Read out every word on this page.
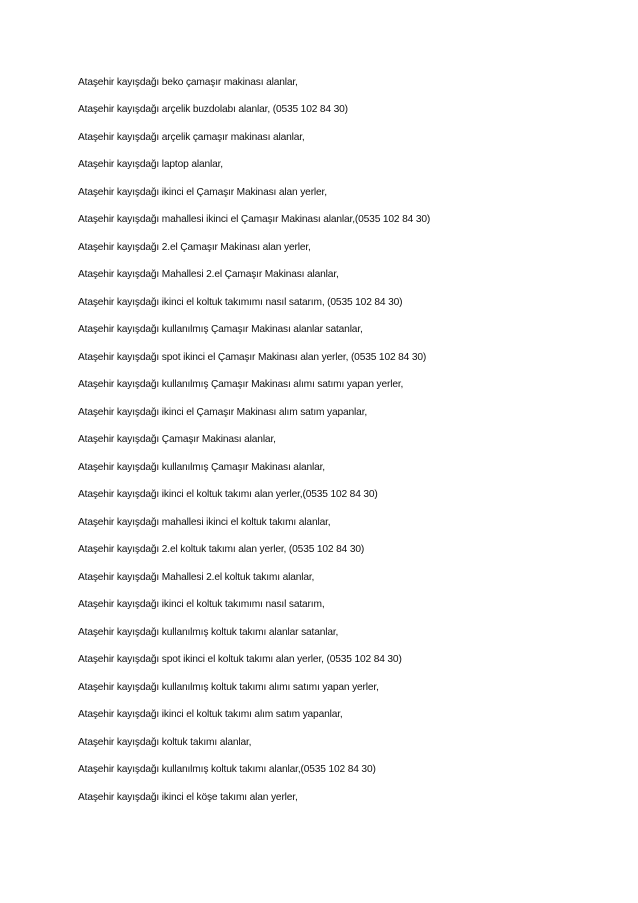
Ataşehir kayışdağı beko çamaşır makinası alanlar,
Ataşehir kayışdağı arçelik buzdolabı alanlar, (0535 102 84 30)
Ataşehir kayışdağı arçelik çamaşır makinası alanlar,
Ataşehir kayışdağı laptop alanlar,
Ataşehir kayışdağı ikinci el Çamaşır Makinası alan yerler,
Ataşehir kayışdağı mahallesi ikinci el Çamaşır Makinası alanlar,(0535 102 84 30)
Ataşehir kayışdağı 2.el Çamaşır Makinası alan yerler,
Ataşehir kayışdağı Mahallesi 2.el Çamaşır Makinası alanlar,
Ataşehir kayışdağı ikinci el koltuk takımımı nasıl satarım, (0535 102 84 30)
Ataşehir kayışdağı kullanılmış Çamaşır Makinası alanlar satanlar,
Ataşehir kayışdağı spot ikinci el Çamaşır Makinası alan yerler, (0535 102 84 30)
Ataşehir kayışdağı kullanılmış Çamaşır Makinası alımı satımı yapan yerler,
Ataşehir kayışdağı ikinci el Çamaşır Makinası alım satım yapanlar,
Ataşehir kayışdağı Çamaşır Makinası alanlar,
Ataşehir kayışdağı kullanılmış Çamaşır Makinası alanlar,
Ataşehir kayışdağı ikinci el koltuk takımı alan yerler,(0535 102 84 30)
Ataşehir kayışdağı mahallesi ikinci el koltuk takımı alanlar,
Ataşehir kayışdağı 2.el koltuk takımı alan yerler, (0535 102 84 30)
Ataşehir kayışdağı Mahallesi 2.el koltuk takımı alanlar,
Ataşehir kayışdağı ikinci el koltuk takımımı nasıl satarım,
Ataşehir kayışdağı kullanılmış koltuk takımı alanlar satanlar,
Ataşehir kayışdağı spot ikinci el koltuk takımı alan yerler, (0535 102 84 30)
Ataşehir kayışdağı kullanılmış koltuk takımı alımı satımı yapan yerler,
Ataşehir kayışdağı ikinci el koltuk takımı alım satım yapanlar,
Ataşehir kayışdağı koltuk takımı alanlar,
Ataşehir kayışdağı kullanılmış koltuk takımı alanlar,(0535 102 84 30)
Ataşehir kayışdağı ikinci el köşe takımı alan yerler,
